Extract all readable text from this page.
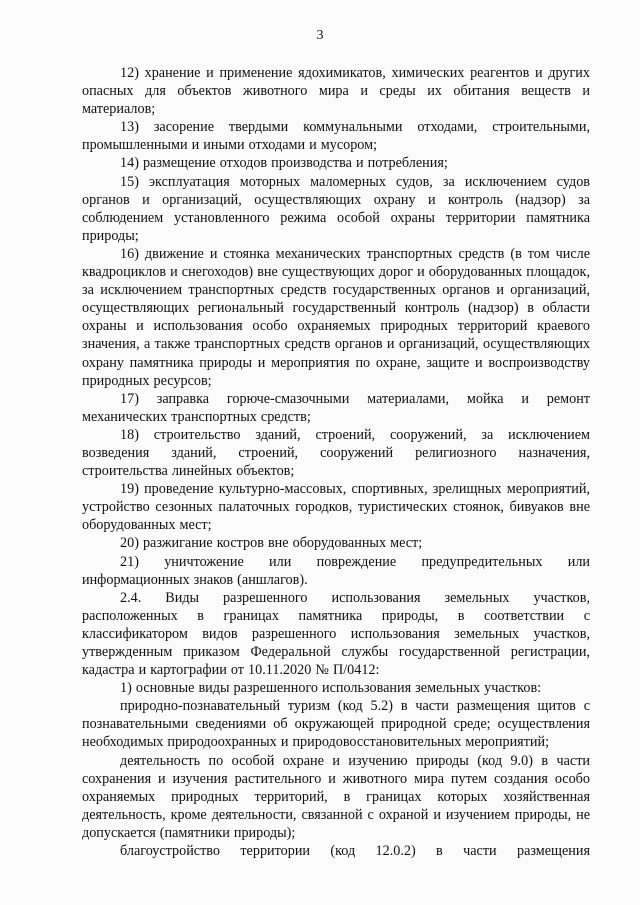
3

12) хранение и применение ядохимикатов, химических реагентов и других опасных для объектов животного мира и среды их обитания веществ и материалов;

13) засорение твердыми коммунальными отходами, строительными, промышленными и иными отходами и мусором;

14) размещение отходов производства и потребления;

15) эксплуатация моторных маломерных судов, за исключением судов органов и организаций, осуществляющих охрану и контроль (надзор) за соблюдением установленного режима особой охраны территории памятника природы;

16) движение и стоянка механических транспортных средств (в том числе квадроциклов и снегоходов) вне существующих дорог и оборудованных площадок, за исключением транспортных средств государственных органов и организаций, осуществляющих региональный государственный контроль (надзор) в области охраны и использования особо охраняемых природных территорий краевого значения, а также транспортных средств органов и организаций, осуществляющих охрану памятника природы и мероприятия по охране, защите и воспроизводству природных ресурсов;

17) заправка горюче-смазочными материалами, мойка и ремонт механических транспортных средств;

18) строительство зданий, строений, сооружений, за исключением возведения зданий, строений, сооружений религиозного назначения, строительства линейных объектов;

19) проведение культурно-массовых, спортивных, зрелищных мероприятий, устройство сезонных палаточных городков, туристических стоянок, бивуаков вне оборудованных мест;

20) разжигание костров вне оборудованных мест;

21) уничтожение или повреждение предупредительных или информационных знаков (аншлагов).

2.4. Виды разрешенного использования земельных участков, расположенных в границах памятника природы, в соответствии с классификатором видов разрешенного использования земельных участков, утвержденным приказом Федеральной службы государственной регистрации, кадастра и картографии от 10.11.2020 № П/0412:

1) основные виды разрешенного использования земельных участков:

природно-познавательный туризм (код 5.2) в части размещения щитов с познавательными сведениями об окружающей природной среде; осуществления необходимых природоохранных и природовосстановительных мероприятий;

деятельность по особой охране и изучению природы (код 9.0) в части сохранения и изучения растительного и животного мира путем создания особо охраняемых природных территорий, в границах которых хозяйственная деятельность, кроме деятельности, связанной с охраной и изучением природы, не допускается (памятники природы);

благоустройство территории (код 12.0.2) в части размещения
